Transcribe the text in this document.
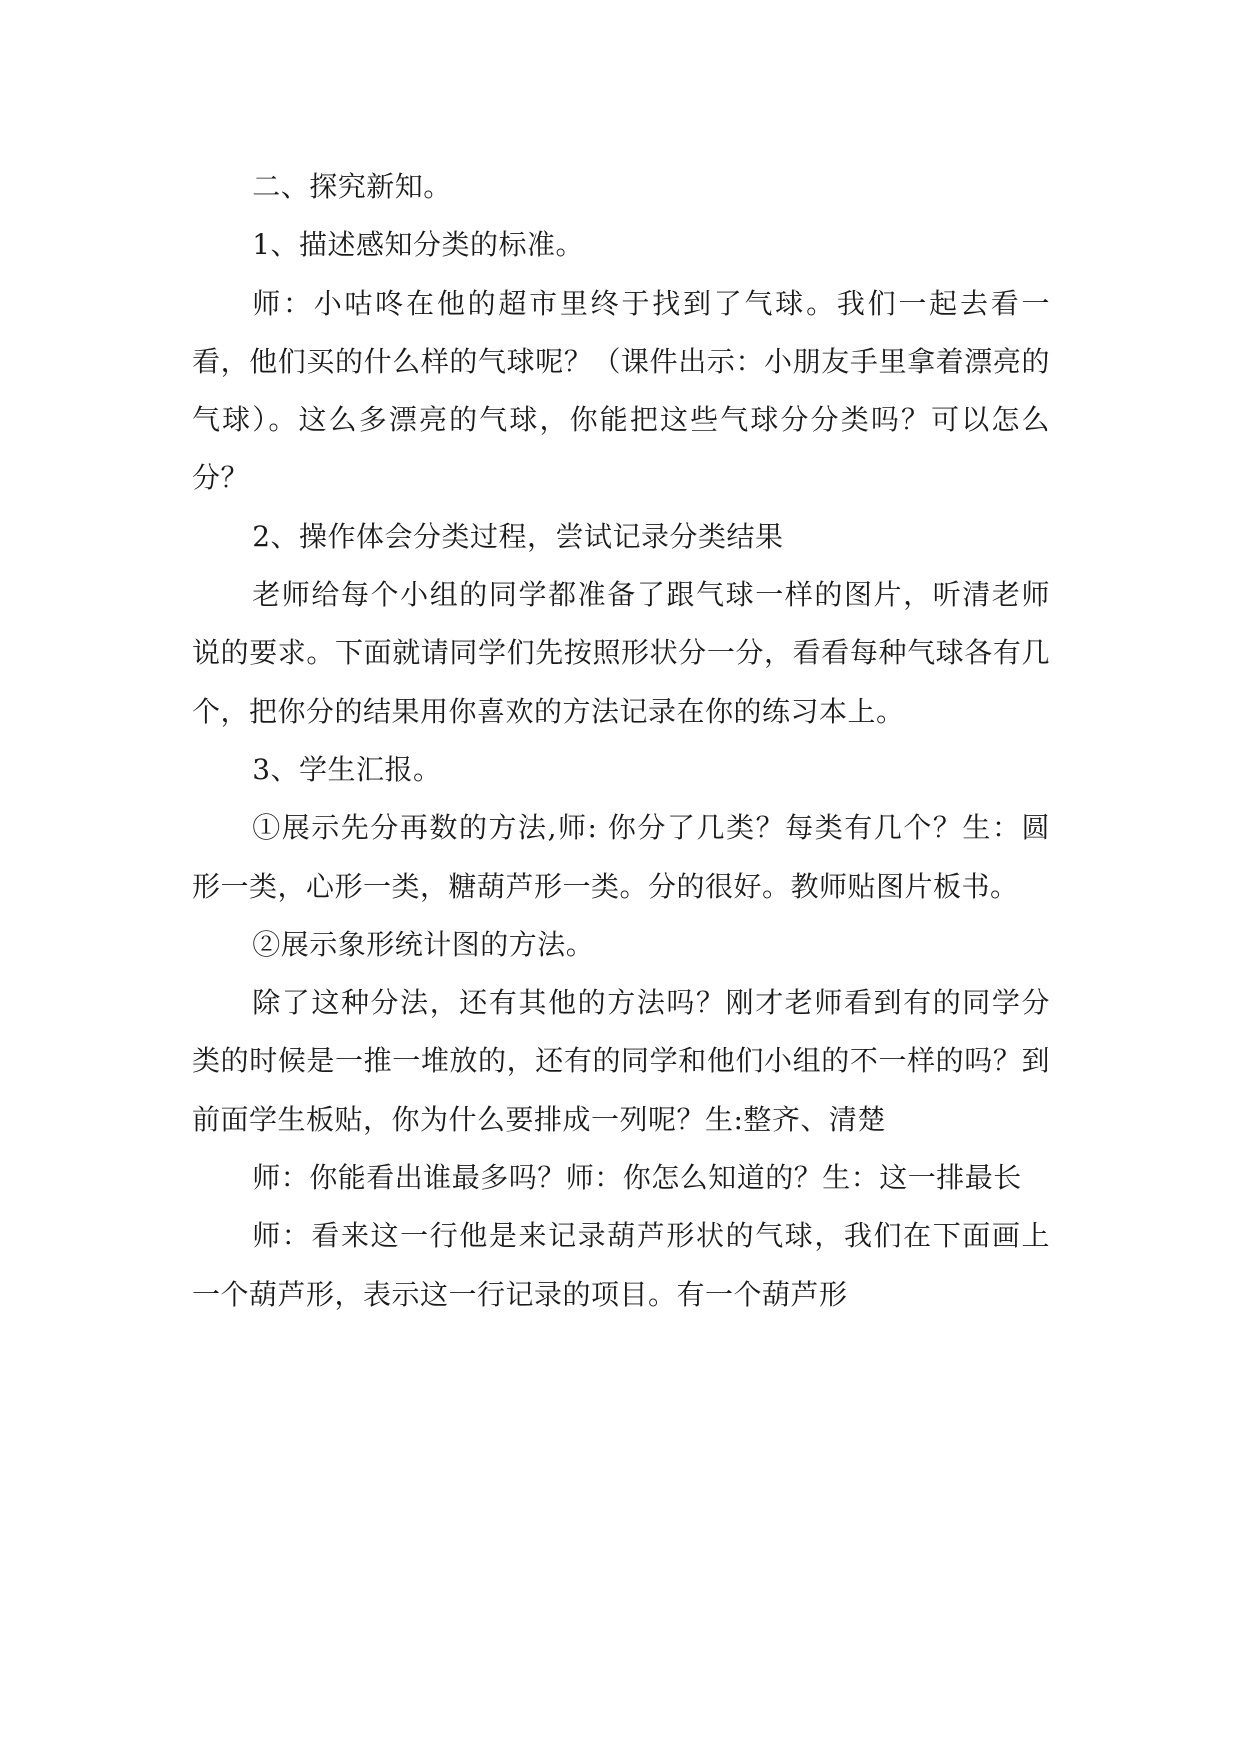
二、探究新知。

1、描述感知分类的标准。

师：小咕咚在他的超市里终于找到了气球。我们一起去看一看，他们买的什么样的气球呢？（课件出示：小朋友手里拿着漂亮的气球）。这么多漂亮的气球，你能把这些气球分分类吗？可以怎么分？

2、操作体会分类过程，尝试记录分类结果

老师给每个小组的同学都准备了跟气球一样的图片，听清老师说的要求。下面就请同学们先按照形状分一分，看看每种气球各有几个，把你分的结果用你喜欢的方法记录在你的练习本上。

3、学生汇报。

①展示先分再数的方法,师: 你分了几类？每类有几个？生：圆形一类，心形一类，糖葫芦形一类。分的很好。教师贴图片板书。

②展示象形统计图的方法。

除了这种分法，还有其他的方法吗？刚才老师看到有的同学分类的时候是一推一堆放的，还有的同学和他们小组的不一样的吗？到前面学生板贴，你为什么要排成一列呢？生:整齐、清楚

师：你能看出谁最多吗？师：你怎么知道的？生：这一排最长

师：看来这一行他是来记录葫芦形状的气球，我们在下面画上一个葫芦形，表示这一行记录的项目。有一个葫芦形
